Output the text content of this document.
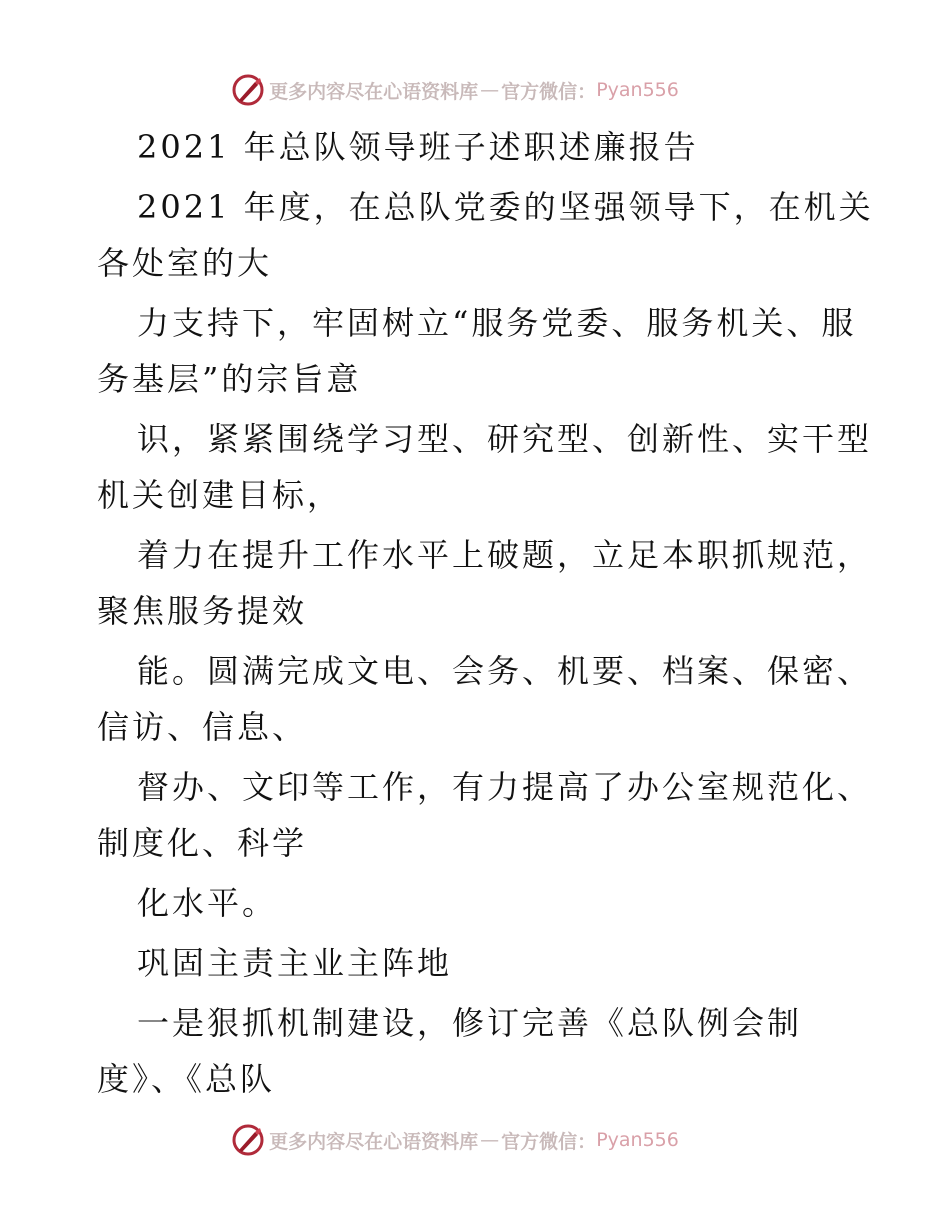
更多内容尽在心语资料库 — 官方微信： Pyan556
2021 年总队领导班子述职述廉报告
2021 年度，在总队党委的坚强领导下，在机关
各处室的大
力支持下，牢固树立“服务党委、服务机关、服
务基层”的宗旨意
识，紧紧围绕学习型、研究型、创新性、实干型
机关创建目标，
着力在提升工作水平上破题，立足本职抓规范，
聚焦服务提效
能。圆满完成文电、会务、机要、档案、保密、
信访、信息、
督办、文印等工作，有力提高了办公室规范化、
制度化、科学
化水平。
巩固主责主业主阵地
一是狠抓机制建设，修订完善《总队例会制
度》、《总队
更多内容尽在心语资料库 — 官方微信： Pyan556
